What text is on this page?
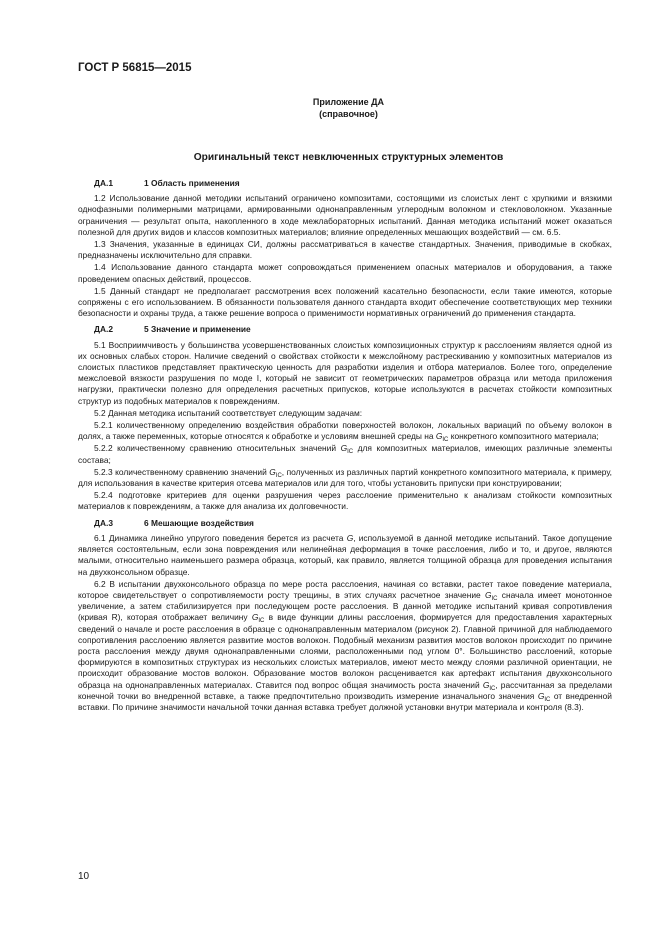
ГОСТ Р 56815—2015
Приложение ДА
(справочное)
Оригинальный текст невключенных структурных элементов
ДА.1	1 Область применения

1.2 Использование данной методики испытаний ограничено композитами, состоящими из слоистых лент с хрупкими и вязкими однофазными полимерными матрицами, армированными однонаправленным углеродным волокном и стекловолокном. Указанные ограничения — результат опыта, накопленного в ходе межлабораторных испытаний. Данная методика испытаний может оказаться полезной для других видов и классов композитных материалов; влияние определенных мешающих воздействий — см. 6.5.

1.3 Значения, указанные в единицах СИ, должны рассматриваться в качестве стандартных. Значения, приводимые в скобках, предназначены исключительно для справки.

1.4 Использование данного стандарта может сопровождаться применением опасных материалов и оборудования, а также проведением опасных действий, процессов.

1.5 Данный стандарт не предполагает рассмотрения всех положений касательно безопасности, если такие имеются, которые сопряжены с его использованием. В обязанности пользователя данного стандарта входит обеспечение соответствующих мер техники безопасности и охраны труда, а также решение вопроса о применимости нормативных ограничений до применения стандарта.

ДА.2	5 Значение и применение

5.1 Восприимчивость у большинства усовершенствованных слоистых композиционных структур к расслоениям является одной из их основных слабых сторон. Наличие сведений о свойствах стойкости к межслойному растрескиванию у композитных материалов из слоистых пластиков представляет практическую ценность для разработки изделия и отбора материалов. Более того, определение межслоевой вязкости разрушения по моде I, который не зависит от геометрических параметров образца или метода приложения нагрузки, практически полезно для определения расчетных припусков, которые используются в расчетах стойкости композитных структур из подобных материалов к повреждениям.

5.2 Данная методика испытаний соответствует следующим задачам:

5.2.1 количественному определению воздействия обработки поверхностей волокон, локальных вариаций по объему волокон в долях, а также переменных, которые относятся к обработке и условиям внешней среды на $G_{IC}$ конкретного композитного материала;

5.2.2 количественному сравнению относительных значений $G_{IC}$ для композитных материалов, имеющих различные элементы состава;

5.2.3 количественному сравнению значений $G_{IC}$, полученных из различных партий конкретного композитного материала, к примеру, для использования в качестве критерия отсева материалов или для того, чтобы установить припуски при конструировании;

5.2.4 подготовке критериев для оценки разрушения через расслоение применительно к анализам стойкости композитных материалов к повреждениям, а также для анализа их долговечности.

ДА.3	6 Мешающие воздействия

6.1 Динамика линейно упругого поведения берется из расчета G, используемой в данной методике испытаний. Такое допущение является состоятельным, если зона повреждения или нелинейная деформация в точке расслоения, либо и то, и другое, являются малыми, относительно наименьшего размера образца, который, как правило, является толщиной образца для проведения испытания на двухконсольном образце.

6.2 В испытании двухконсольного образца по мере роста расслоения, начиная со вставки, растет такое поведение материала, которое свидетельствует о сопротивляемости росту трещины, в этих случаях расчетное значение $G_{IC}$ сначала имеет монотонное увеличение, а затем стабилизируется при последующем росте расслоения. В данной методике испытаний кривая сопротивления (кривая R), которая отображает величину $G_{IC}$ в виде функции длины расслоения, формируется для предоставления характерных сведений о начале и росте расслоения в образце с однонаправленным материалом (рисунок 2). Главной причиной для наблюдаемого сопротивления расслоению является развитие мостов волокон. Подобный механизм развития мостов волокон происходит по причине роста расслоения между двумя однонаправленными слоями, расположенными под углом 0°. Большинство расслоений, которые формируются в композитных структурах из нескольких слоистых материалов, имеют место между слоями различной ориентации, не происходит образование мостов волокон. Образование мостов волокон расценивается как артефакт испытания двухконсольного образца на однонаправленных материалах. Ставится под вопрос общая значимость роста значений $G_{IC}$, рассчитанная за пределами конечной точки во внедренной вставке, а также предпочтительно производить измерение изначального значения $G_{IC}$ от внедренной вставки. По причине значимости начальной точки данная вставка требует должной установки внутри материала и контроля (8.3).

10
